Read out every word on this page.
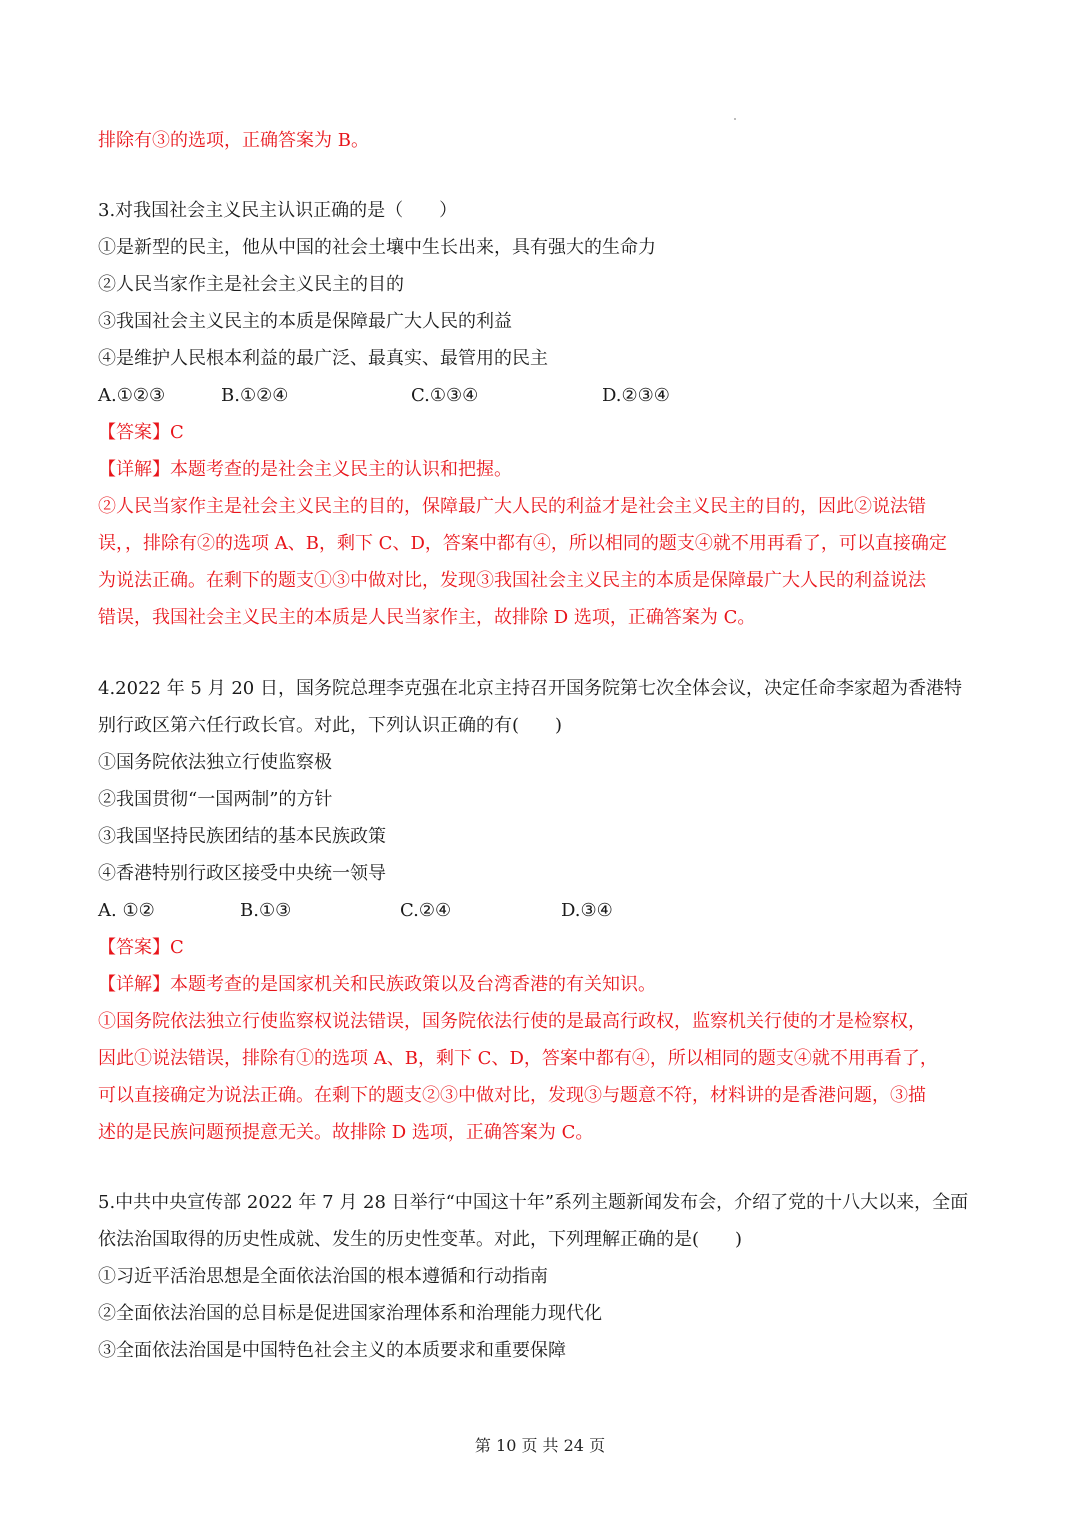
排除有③的选项，正确答案为 B。
3.对我国社会主义民主认识正确的是（　　）
①是新型的民主，他从中国的社会土壤中生长出来，具有强大的生命力
②人民当家作主是社会主义民主的目的
③我国社会主义民主的本质是保障最广大人民的利益
④是维护人民根本利益的最广泛、最真实、最管用的民主
A.①②③	B.①②④	C.①③④	D.②③④
【答案】C
【详解】本题考查的是社会主义民主的认识和把握。
②人民当家作主是社会主义民主的目的，保障最广大人民的利益才是社会主义民主的目的，因此②说法错
误，，排除有②的选项 A、B，剩下 C、D，答案中都有④，所以相同的题支④就不用再看了，可以直接确定
为说法正确。在剩下的题支①③中做对比，发现③我国社会主义民主的本质是保障最广大人民的利益说法
错误，我国社会主义民主的本质是人民当家作主，故排除 D 选项，正确答案为 C。
4.2022 年 5 月 20 日，国务院总理李克强在北京主持召开国务院第七次全体会议，决定任命李家超为香港特
别行政区第六任行政长官。对此，下列认识正确的有(　　)
①国务院依法独立行使监察极
②我国贯彻“一国两制”的方针
③我国坚持民族团结的基本民族政策
④香港特别行政区接受中央统一领导
A. ①②	B.①③	C.②④	D.③④
【答案】C
【详解】本题考查的是国家机关和民族政策以及台湾香港的有关知识。
①国务院依法独立行使监察权说法错误，国务院依法行使的是最高行政权，监察机关行使的才是检察权，
因此①说法错误，排除有①的选项 A、B，剩下 C、D，答案中都有④，所以相同的题支④就不用再看了，
可以直接确定为说法正确。在剩下的题支②③中做对比，发现③与题意不符，材料讲的是香港问题，③描
述的是民族问题预提意无关。故排除 D 选项，正确答案为 C。
5.中共中央宣传部 2022 年 7 月 28 日举行“中国这十年”系列主题新闻发布会，介绍了党的十八大以来，全面
依法治国取得的历史性成就、发生的历史性变革。对此，下列理解正确的是(　　)
①习近平活治思想是全面依法治国的根本遵循和行动指南
②全面依法治国的总目标是促进国家治理体系和治理能力现代化
③全面依法治国是中国特色社会主义的本质要求和重要保障
第 10 页 共 24 页
